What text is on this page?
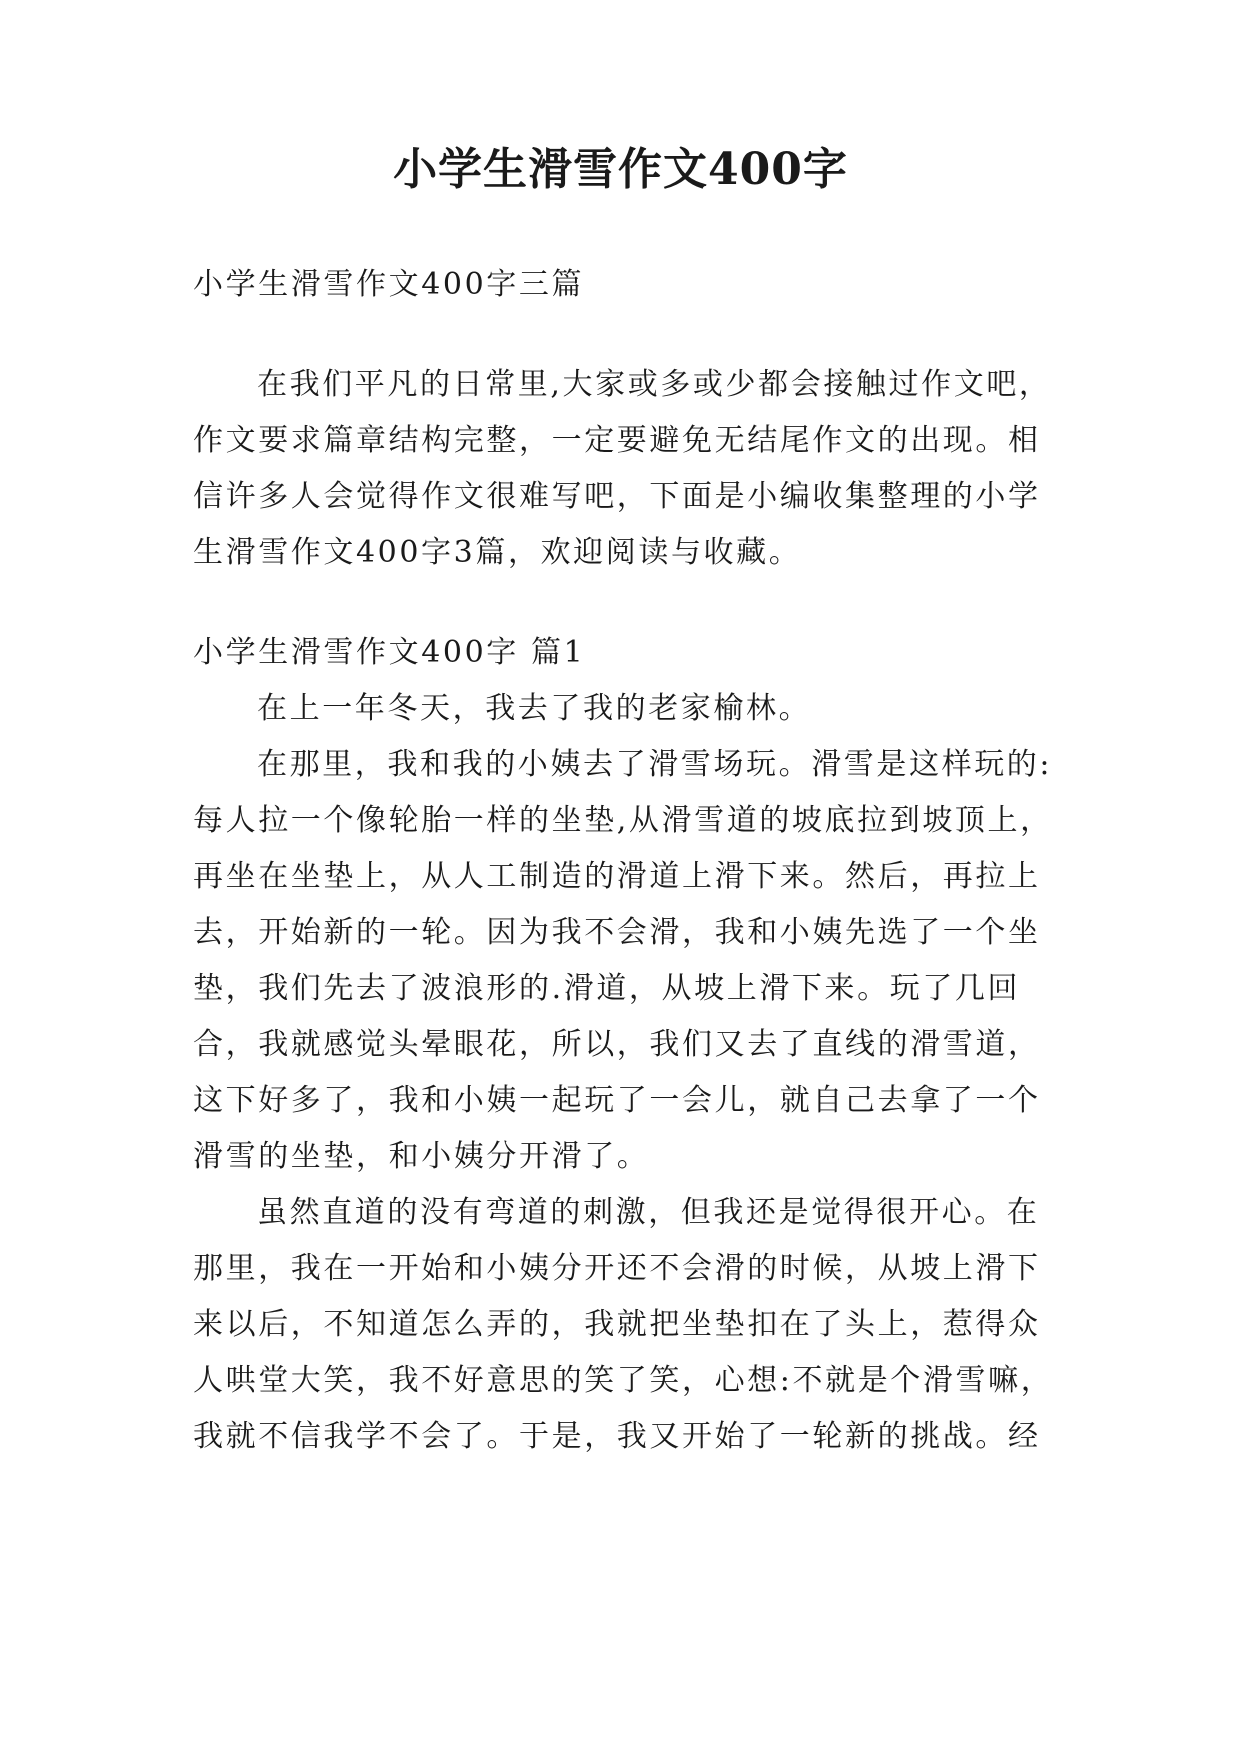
小学生滑雪作文400字
小学生滑雪作文400字三篇
在我们平凡的日常里,大家或多或少都会接触过作文吧，
作文要求篇章结构完整，一定要避免无结尾作文的出现。相
信许多人会觉得作文很难写吧，下面是小编收集整理的小学
生滑雪作文400字3篇，欢迎阅读与收藏。
小学生滑雪作文400字 篇1
在上一年冬天，我去了我的老家榆林。
在那里，我和我的小姨去了滑雪场玩。滑雪是这样玩的:
每人拉一个像轮胎一样的坐垫,从滑雪道的坡底拉到坡顶上，
再坐在坐垫上，从人工制造的滑道上滑下来。然后，再拉上
去，开始新的一轮。因为我不会滑，我和小姨先选了一个坐
垫，我们先去了波浪形的.滑道，从坡上滑下来。玩了几回
合，我就感觉头晕眼花，所以，我们又去了直线的滑雪道，
这下好多了，我和小姨一起玩了一会儿，就自己去拿了一个
滑雪的坐垫，和小姨分开滑了。
虽然直道的没有弯道的刺激，但我还是觉得很开心。在
那里，我在一开始和小姨分开还不会滑的时候，从坡上滑下
来以后，不知道怎么弄的，我就把坐垫扣在了头上，惹得众
人哄堂大笑，我不好意思的笑了笑，心想:不就是个滑雪嘛，
我就不信我学不会了。于是，我又开始了一轮新的挑战。经
